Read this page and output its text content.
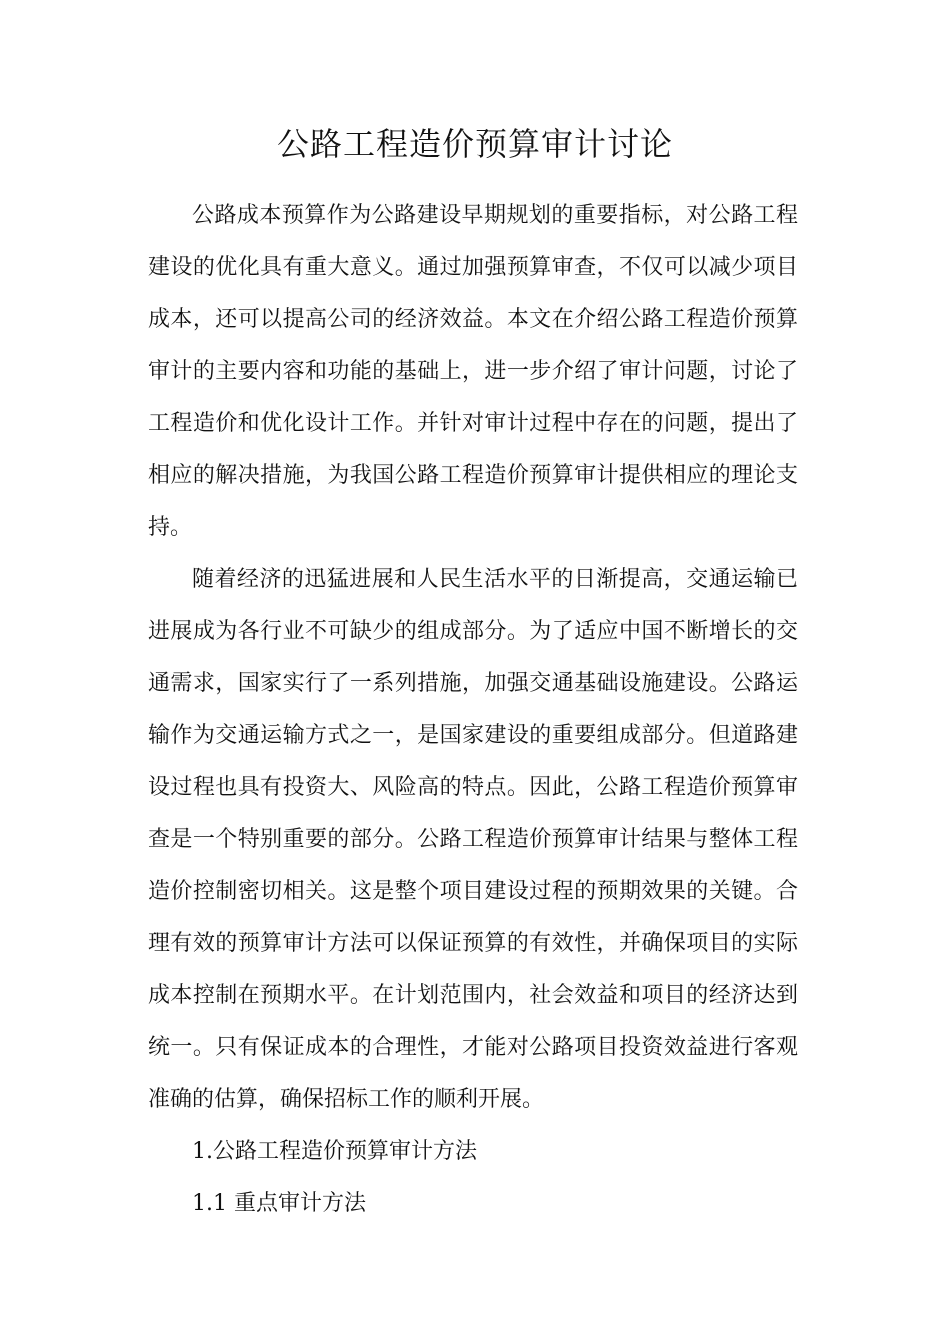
公路工程造价预算审计讨论

公路成本预算作为公路建设早期规划的重要指标，对公路工程建设的优化具有重大意义。通过加强预算审查，不仅可以减少项目成本，还可以提高公司的经济效益。本文在介绍公路工程造价预算审计的主要内容和功能的基础上，进一步介绍了审计问题，讨论了工程造价和优化设计工作。并针对审计过程中存在的问题，提出了相应的解决措施，为我国公路工程造价预算审计提供相应的理论支持。

随着经济的迅猛进展和人民生活水平的日渐提高，交通运输已进展成为各行业不可缺少的组成部分。为了适应中国不断增长的交通需求，国家实行了一系列措施，加强交通基础设施建设。公路运输作为交通运输方式之一，是国家建设的重要组成部分。但道路建设过程也具有投资大、风险高的特点。因此，公路工程造价预算审查是一个特别重要的部分。公路工程造价预算审计结果与整体工程造价控制密切相关。这是整个项目建设过程的预期效果的关键。合理有效的预算审计方法可以保证预算的有效性，并确保项目的实际成本控制在预期水平。在计划范围内，社会效益和项目的经济达到统一。只有保证成本的合理性，才能对公路项目投资效益进行客观准确的估算，确保招标工作的顺利开展。

1.公路工程造价预算审计方法

1.1 重点审计方法
